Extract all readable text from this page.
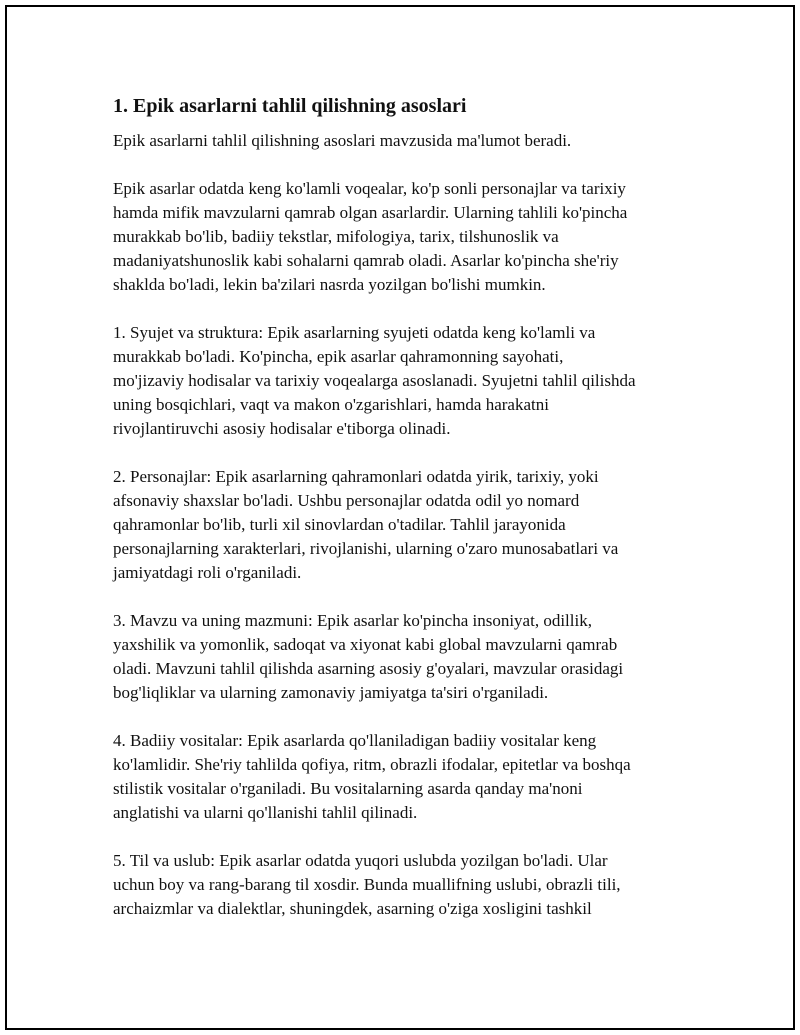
1. Epik asarlarni tahlil qilishning asoslari

Epik asarlarni tahlil qilishning asoslari mavzusida ma'lumot beradi.

Epik asarlar odatda keng ko'lamli voqealar, ko'p sonli personajlar va tarixiy
hamda mifik mavzularni qamrab olgan asarlardir. Ularning tahlili ko'pincha
murakkab bo'lib, badiiy tekstlar, mifologiya, tarix, tilshunoslik va
madaniyatshunoslik kabi sohalarni qamrab oladi. Asarlar ko'pincha she'riy
shaklda bo'ladi, lekin ba'zilari nasrda yozilgan bo'lishi mumkin.

1. Syujet va struktura: Epik asarlarning syujeti odatda keng ko'lamli va
murakkab bo'ladi. Ko'pincha, epik asarlar qahramonning sayohati,
mo'jizaviy hodisalar va tarixiy voqealarga asoslanadi. Syujetni tahlil qilishda
uning bosqichlari, vaqt va makon o'zgarishlari, hamda harakatni
rivojlantiruvchi asosiy hodisalar e'tiborga olinadi.

2. Personajlar: Epik asarlarning qahramonlari odatda yirik, tarixiy, yoki
afsonaviy shaxslar bo'ladi. Ushbu personajlar odatda odil yo nomard
qahramonlar bo'lib, turli xil sinovlardan o'tadilar. Tahlil jarayonida
personajlarning xarakterlari, rivojlanishi, ularning o'zaro munosabatlari va
jamiyatdagi roli o'rganiladi.

3. Mavzu va uning mazmuni: Epik asarlar ko'pincha insoniyat, odillik,
yaxshilik va yomonlik, sadoqat va xiyonat kabi global mavzularni qamrab
oladi. Mavzuni tahlil qilishda asarning asosiy g'oyalari, mavzular orasidagi
bog'liqliklar va ularning zamonaviy jamiyatga ta'siri o'rganiladi.

4. Badiiy vositalar: Epik asarlarda qo'llaniladigan badiiy vositalar keng
ko'lamlidir. She'riy tahlilda qofiya, ritm, obrazli ifodalar, epitetlar va boshqa
stilistik vositalar o'rganiladi. Bu vositalarning asarda qanday ma'noni
anglatishi va ularni qo'llanishi tahlil qilinadi.

5. Til va uslub: Epik asarlar odatda yuqori uslubda yozilgan bo'ladi. Ular
uchun boy va rang-barang til xosdir. Bunda muallifning uslubi, obrazli tili,
archaizmlar va dialektlar, shuningdek, asarning o'ziga xosligini tashkil
